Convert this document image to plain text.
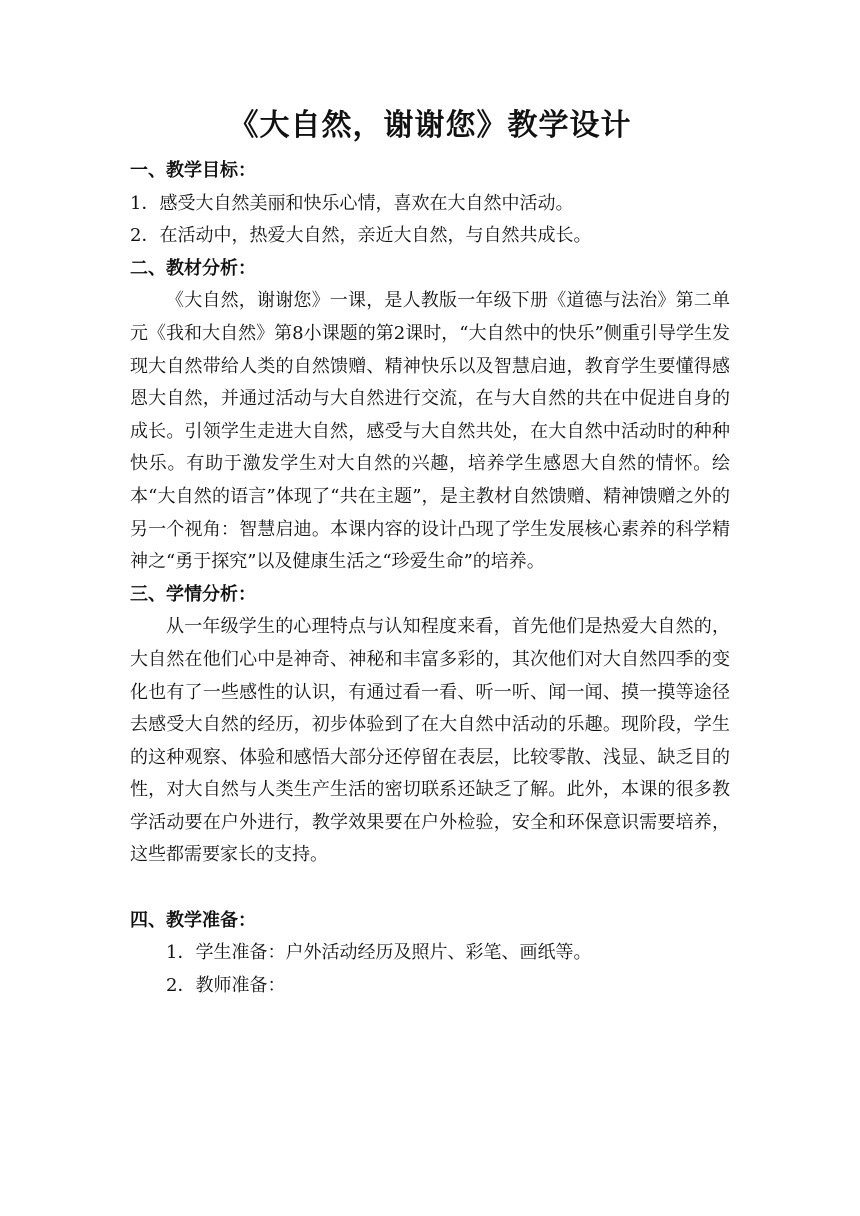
《大自然，谢谢您》教学设计

一、教学目标：

1．感受大自然美丽和快乐心情，喜欢在大自然中活动。

2．在活动中，热爱大自然，亲近大自然，与自然共成长。

二、教材分析：

《大自然，谢谢您》一课，是人教版一年级下册《道德与法治》第二单元《我和大自然》第8小课题的第2课时，“大自然中的快乐”侧重引导学生发现大自然带给人类的自然馈赠、精神快乐以及智慧启迪，教育学生要懂得感恩大自然，并通过活动与大自然进行交流，在与大自然的共在中促进自身的成长。引领学生走进大自然，感受与大自然共处，在大自然中活动时的种种快乐。有助于激发学生对大自然的兴趣，培养学生感恩大自然的情怀。绘本“大自然的语言”体现了“共在主题”，是主教材自然馈赠、精神馈赠之外的另一个视角：智慧启迪。本课内容的设计凸现了学生发展核心素养的科学精神之“勇于探究”以及健康生活之“珍爱生命”的培养。

三、学情分析：

从一年级学生的心理特点与认知程度来看，首先他们是热爱大自然的，大自然在他们心中是神奇、神秘和丰富多彩的，其次他们对大自然四季的变化也有了一些感性的认识，有通过看一看、听一听、闻一闻、摸一摸等途径去感受大自然的经历，初步体验到了在大自然中活动的乐趣。现阶段，学生的这种观察、体验和感悟大部分还停留在表层，比较零散、浅显、缺乏目的性，对大自然与人类生产生活的密切联系还缺乏了解。此外，本课的很多教学活动要在户外进行，教学效果要在户外检验，安全和环保意识需要培养，这些都需要家长的支持。

四、教学准备：

1．学生准备：户外活动经历及照片、彩笔、画纸等。

2．教师准备：
